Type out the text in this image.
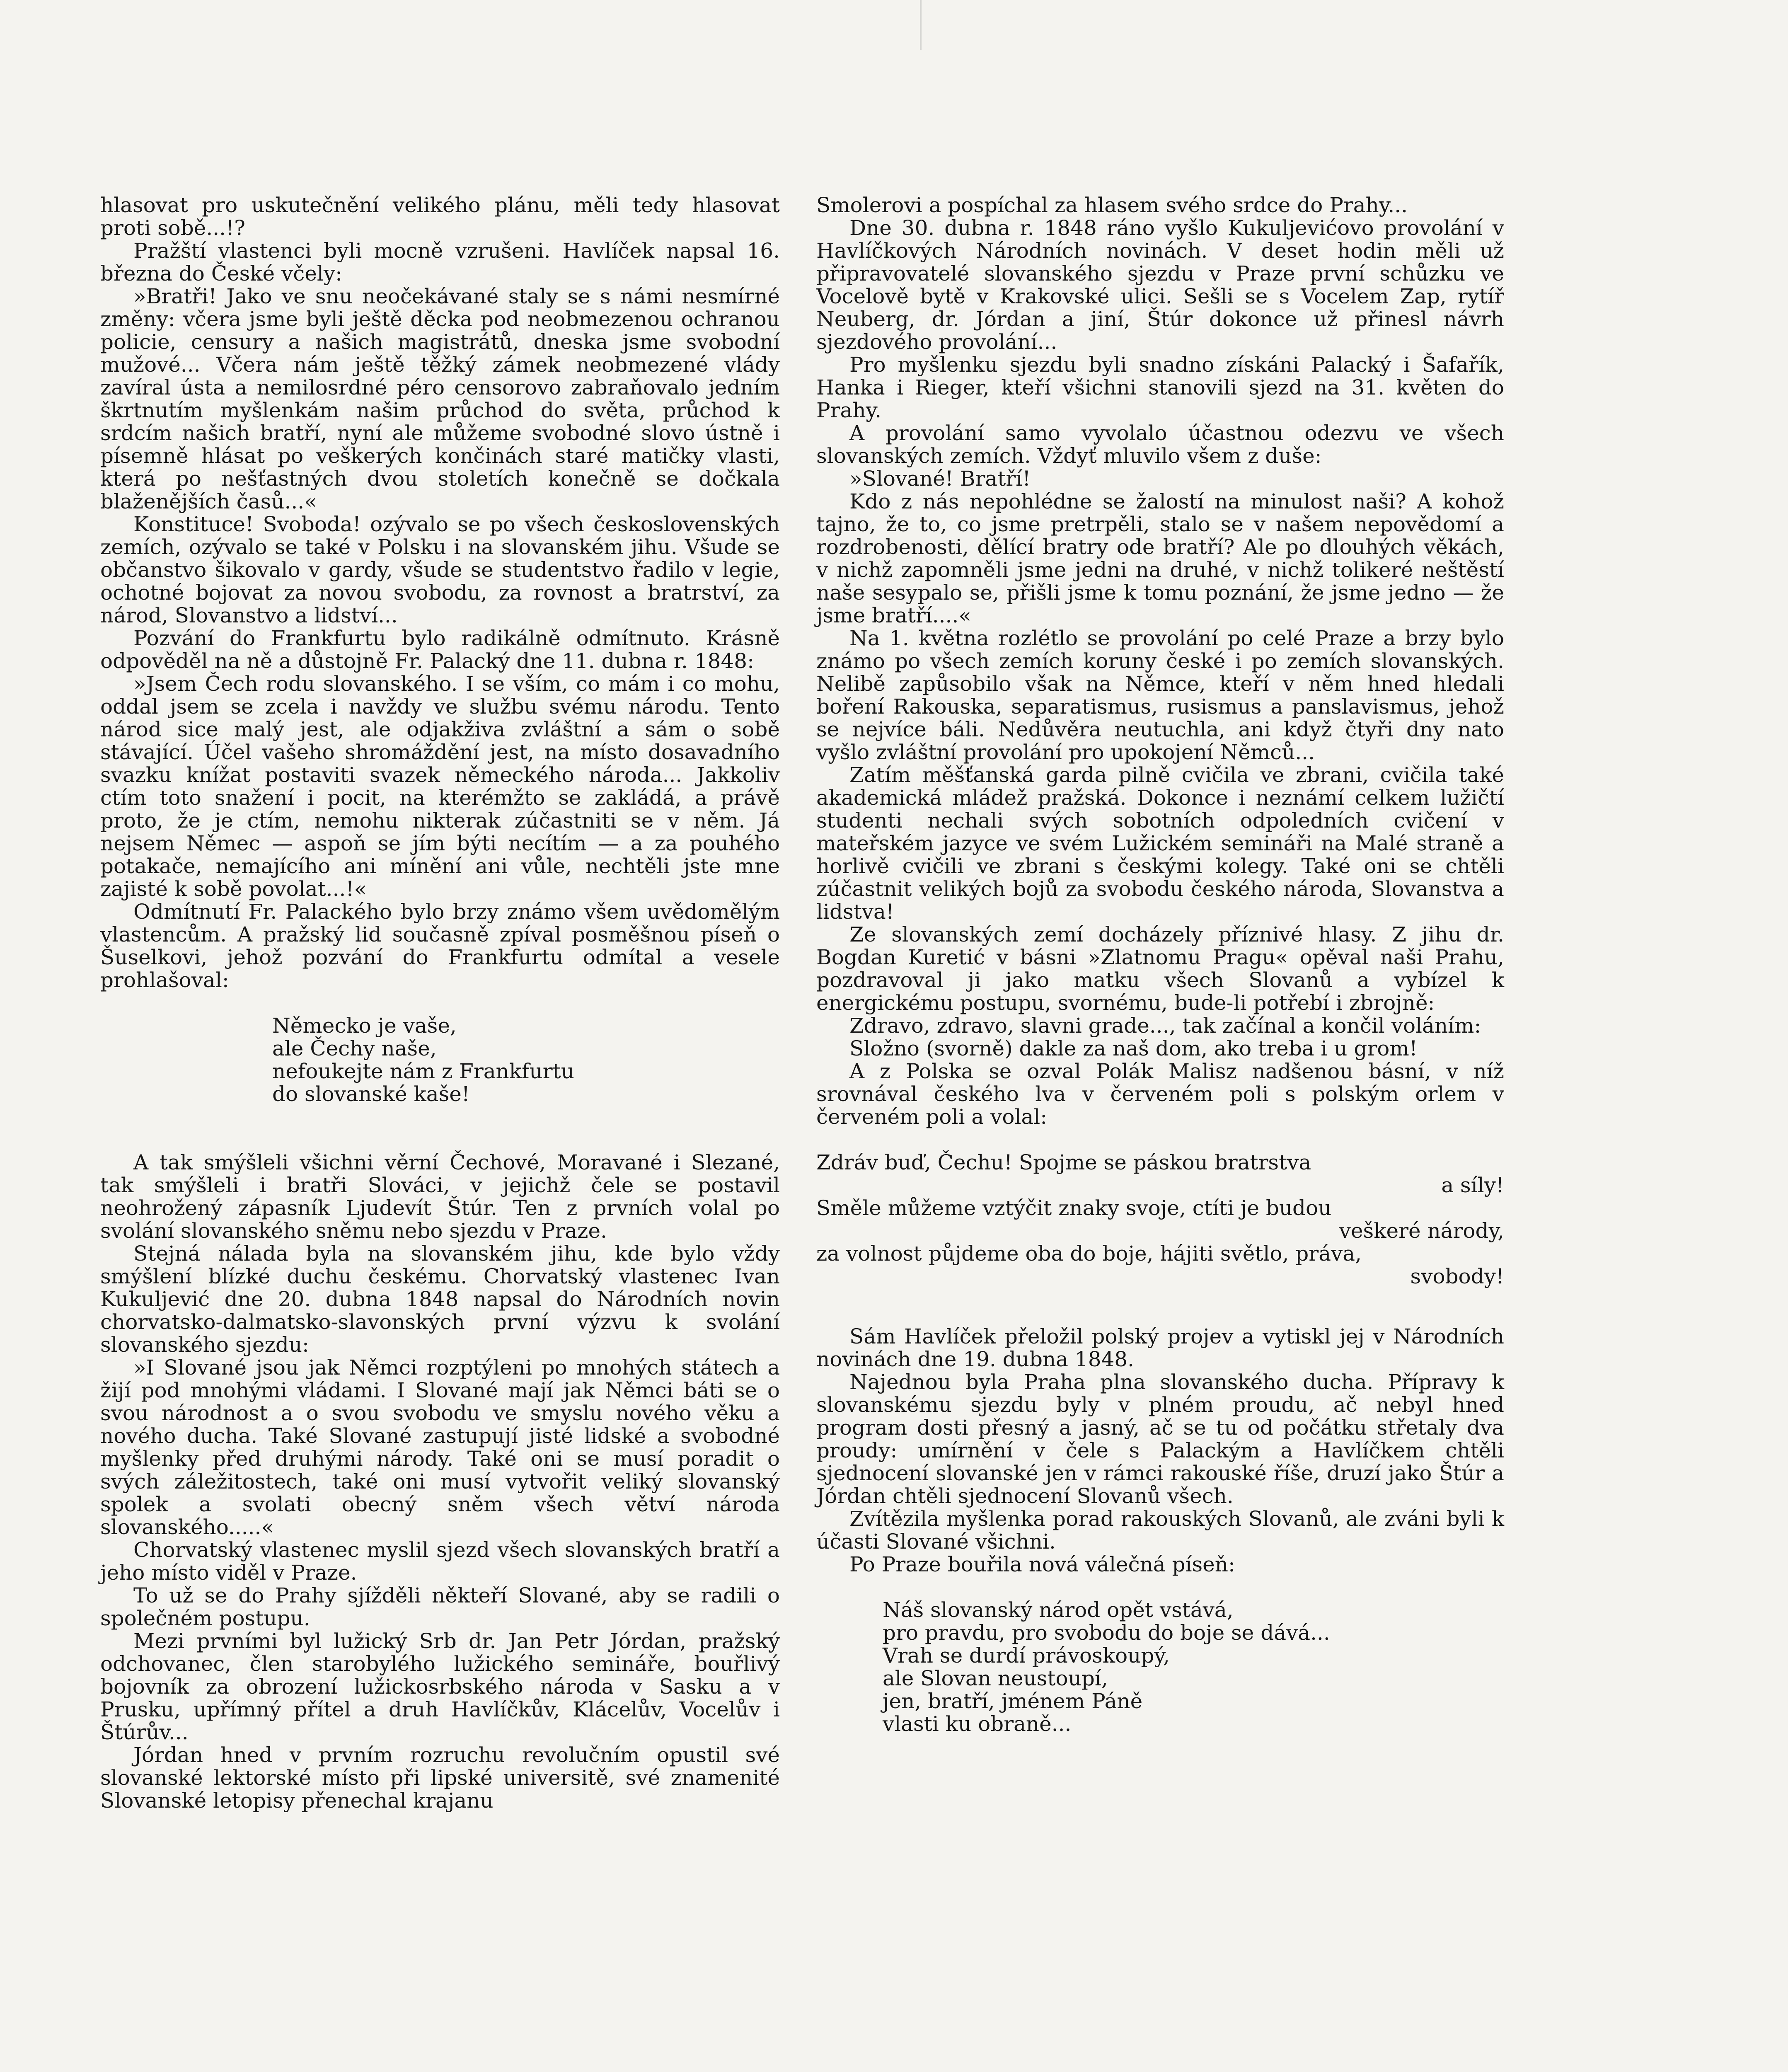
hlasovat pro uskutečnění velikého plánu, měli tedy hlasovat proti sobě...!?

Pražští vlastenci byli mocně vzrušeni. Havlíček napsal 16. března do České včely:

»Bratři! Jako ve snu neočekávané staly se s námi nesmírné změny: včera jsme byli ještě děcka pod neobmezenou ochranou policie, censury a našich magistrátů, dneska jsme svobodní mužové... Včera nám ještě těžký zámek neobmezené vlády zavíral ústa a nemilosrdné péro censorovo zabraňovalo jedním škrtnutím myšlenkám našim průchod do světa, průchod k srdcím našich bratří, nyní ale můžeme svobodné slovo ústně i písemně hlásat po veškerých končinách staré matičky vlasti, která po nešťastných dvou stoletích konečně se dočkala blaženějších časů...«

Konstituce! Svoboda! ozývalo se po všech československých zemích, ozývalo se také v Polsku i na slovanském jihu. Všude se občanstvo šikovalo v gardy, všude se studentstvo řadilo v legie, ochotné bojovat za novou svobodu, za rovnost a bratrství, za národ, Slovanstvo a lidství...

Pozvání do Frankfurtu bylo radikálně odmítnuto. Krásně odpověděl na ně a důstojně Fr. Palacký dne 11. dubna r. 1848:

»Jsem Čech rodu slovanského. I se vším, co mám i co mohu, oddal jsem se zcela i navždy ve službu svému národu. Tento národ sice malý jest, ale odjakživa zvláštní a sám o sobě stávající. Účel vašeho shromáždění jest, na místo dosavadního svazku knížat postaviti svazek německého národa... Jakkoliv ctím toto snažení i pocit, na kterémžto se zakládá, a právě proto, že je ctím, nemohu nikterak zúčastniti se v něm. Já nejsem Němec — aspoň se jím býti necítím — a za pouhého potakače, nemajícího ani mínění ani vůle, nechtěli jste mne zajisté k sobě povolat...!«

Odmítnutí Fr. Palackého bylo brzy známo všem uvědomělým vlastencům. A pražský lid současně zpíval posměšnou píseň o Šuselkovi, jehož pozvání do Frankfurtu odmítal a vesele prohlašoval:

Německo je vaše,
ale Čechy naše,
nefoukejte nám z Frankfurtu
do slovanské kaše!

A tak smýšleli všichni věrní Čechové, Moravané i Slezané, tak smýšleli i bratři Slováci, v jejichž čele se postavil neohrožený zápasník Ljudevít Štúr. Ten z prvních volal po svolání slovanského sněmu nebo sjezdu v Praze.

Stejná nálada byla na slovanském jihu, kde bylo vždy smýšlení blízké duchu českému. Chorvatský vlastenec Ivan Kukuljević dne 20. dubna 1848 napsal do Národních novin chorvatsko-dalmatsko-slavonských první výzvu k svolání slovanského sjezdu:

»I Slované jsou jak Němci rozptýleni po mnohých státech a žijí pod mnohými vládami. I Slované mají jak Němci báti se o svou národnost a o svou svobodu ve smyslu nového věku a nového ducha. Také Slované zastupují jisté lidské a svobodné myšlenky před druhými národy. Také oni se musí poradit o svých záležitostech, také oni musí vytvořit veliký slovanský spolek a svolati obecný sněm všech větví národa slovanského.....«

Chorvatský vlastenec myslil sjezd všech slovanských bratří a jeho místo viděl v Praze.

To už se do Prahy sjížděli někteří Slované, aby se radili o společném postupu.

Mezi prvními byl lužický Srb dr. Jan Petr Jórdan, pražský odchovanec, člen starobylého lužického semináře, bouřlivý bojovník za obrození lužickosrbského národa v Sasku a v Prusku, upřímný přítel a druh Havlíčkův, Klácelův, Vocelův i Štúrův...

Jórdan hned v prvním rozruchu revolučním opustil své slovanské lektorské místo při lipské universitě, své znamenité Slovanské letopisy přenechal krajanu

Smolerovi a pospíchal za hlasem svého srdce do Prahy...

Dne 30. dubna r. 1848 ráno vyšlo Kukuljevićovo provolání v Havlíčkových Národních novinách. V deset hodin měli už připravovatelé slovanského sjezdu v Praze první schůzku ve Vocelově bytě v Krakovské ulici. Sešli se s Vocelem Zap, rytíř Neuberg, dr. Jórdan a jiní, Štúr dokonce už přinesl návrh sjezdového provolání...

Pro myšlenku sjezdu byli snadno získáni Palacký i Šafařík, Hanka i Rieger, kteří všichni stanovili sjezd na 31. květen do Prahy.

A provolání samo vyvolalo účastnou odezvu ve všech slovanských zemích. Vždyť mluvilo všem z duše:

»Slované! Bratří!

Kdo z nás nepohlédne se žalostí na minulost naši? A kohož tajno, že to, co jsme pretrpěli, stalo se v našem nepovědomí a rozdrobenosti, dělící bratry ode bratří? Ale po dlouhých věkách, v nichž zapomněli jsme jedni na druhé, v nichž tolikeré neštěstí naše sesypalo se, přišli jsme k tomu poznání, že jsme jedno — že jsme bratří....«

Na 1. května rozlétlo se provolání po celé Praze a brzy bylo známo po všech zemích koruny české i po zemích slovanských. Nelibě zapůsobilo však na Němce, kteří v něm hned hledali boření Rakouska, separatismus, rusismus a panslavismus, jehož se nejvíce báli. Nedůvěra neutuchla, ani když čtyři dny nato vyšlo zvláštní provolání pro upokojení Němců...

Zatím měšťanská garda pilně cvičila ve zbrani, cvičila také akademická mládež pražská. Dokonce i neznámí celkem lužičtí studenti nechali svých sobotních odpoledních cvičení v mateřském jazyce ve svém Lužickém semináři na Malé straně a horlivě cvičili ve zbrani s českými kolegy. Také oni se chtěli zúčastnit velikých bojů za svobodu českého národa, Slovanstva a lidstva!

Ze slovanských zemí docházely příznivé hlasy. Z jihu dr. Bogdan Kuretić v básni »Zlatnomu Pragu« opěval naši Prahu, pozdravoval ji jako matku všech Slovanů a vybízel k energickému postupu, svornému, bude-li potřebí i zbrojně:

Zdravo, zdravo, slavni grade..., tak začínal a končil voláním:

Složno (svorně) dakle za naš dom, ako treba i u grom!

A z Polska se ozval Polák Malisz nadšenou básní, v níž srovnával českého lva v červeném poli s polským orlem v červeném poli a volal:

Zdráv buď, Čechu! Spojme se páskou bratrstva
a síly!
Směle můžeme vztýčit znaky svoje, ctíti je budou
veškeré národy,
za volnost půjdeme oba do boje, hájiti světlo, práva,
svobody!

Sám Havlíček přeložil polský projev a vytiskl jej v Národních novinách dne 19. dubna 1848.

Najednou byla Praha plna slovanského ducha. Přípravy k slovanskému sjezdu byly v plném proudu, ač nebyl hned program dosti přesný a jasný, ač se tu od počátku střetaly dva proudy: umírnění v čele s Palackým a Havlíčkem chtěli sjednocení slovanské jen v rámci rakouské říše, druzí jako Štúr a Jórdan chtěli sjednocení Slovanů všech.

Zvítězila myšlenka porad rakouských Slovanů, ale zváni byli k účasti Slované všichni.

Po Praze bouřila nová válečná píseň:

Náš slovanský národ opět vstává,
pro pravdu, pro svobodu do boje se dává...
Vrah se durdí právoskoupý,
ale Slovan neustoupí,
jen, bratří, jménem Páně
vlasti ku obraně...
